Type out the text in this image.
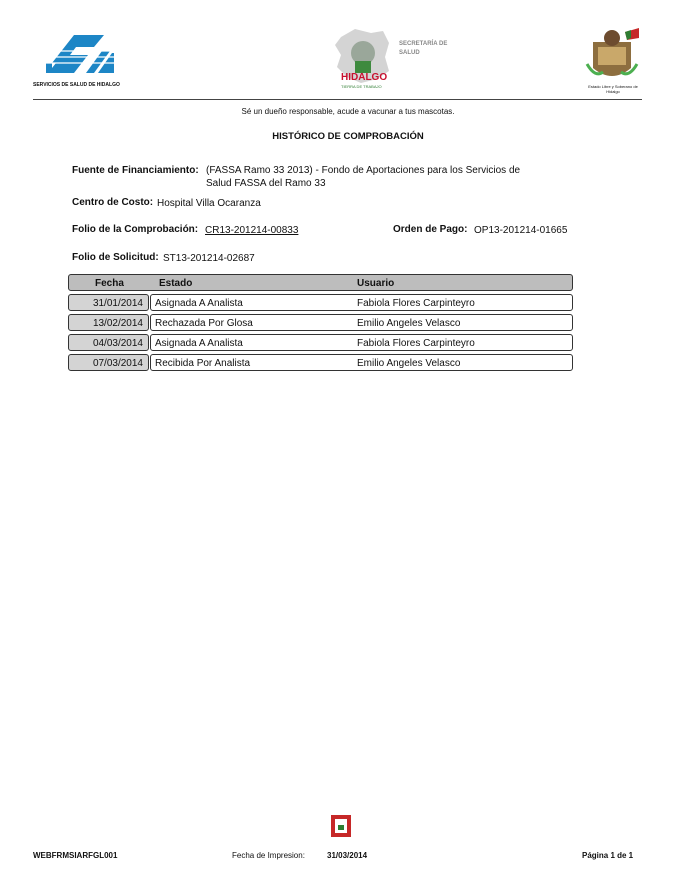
SERVICIOS DE SALUD DE HIDALGO
HIDALGO
TIERRA DE TRABAJO
SECRETARÍA DE SALUD
Estado Libre y Soberano de Hidalgo
Sé un dueño responsable, acude a vacunar a tus mascotas.
HISTÓRICO DE COMPROBACIÓN
Fuente de Financiamiento: (FASSA Ramo 33 2013) - Fondo de Aportaciones para los Servicios de
Salud FASSA del Ramo 33
Centro de Costo: Hospital Villa Ocaranza
Folio de la Comprobación: CR13-201214-00833	Orden de Pago: OP13-201214-01665
Folio de Solicitud: ST13-201214-02687
Fecha	Estado	Usuario
31/01/2014	Asignada A Analista	Fabiola Flores Carpinteyro
13/02/2014	Rechazada Por Glosa	Emilio Angeles Velasco
04/03/2014	Asignada A Analista	Fabiola Flores Carpinteyro
07/03/2014	Recibida Por Analista	Emilio Angeles Velasco
WEBFRMSIARFGL001	Fecha de Impresion:	31/03/2014	Página 1 de 1
